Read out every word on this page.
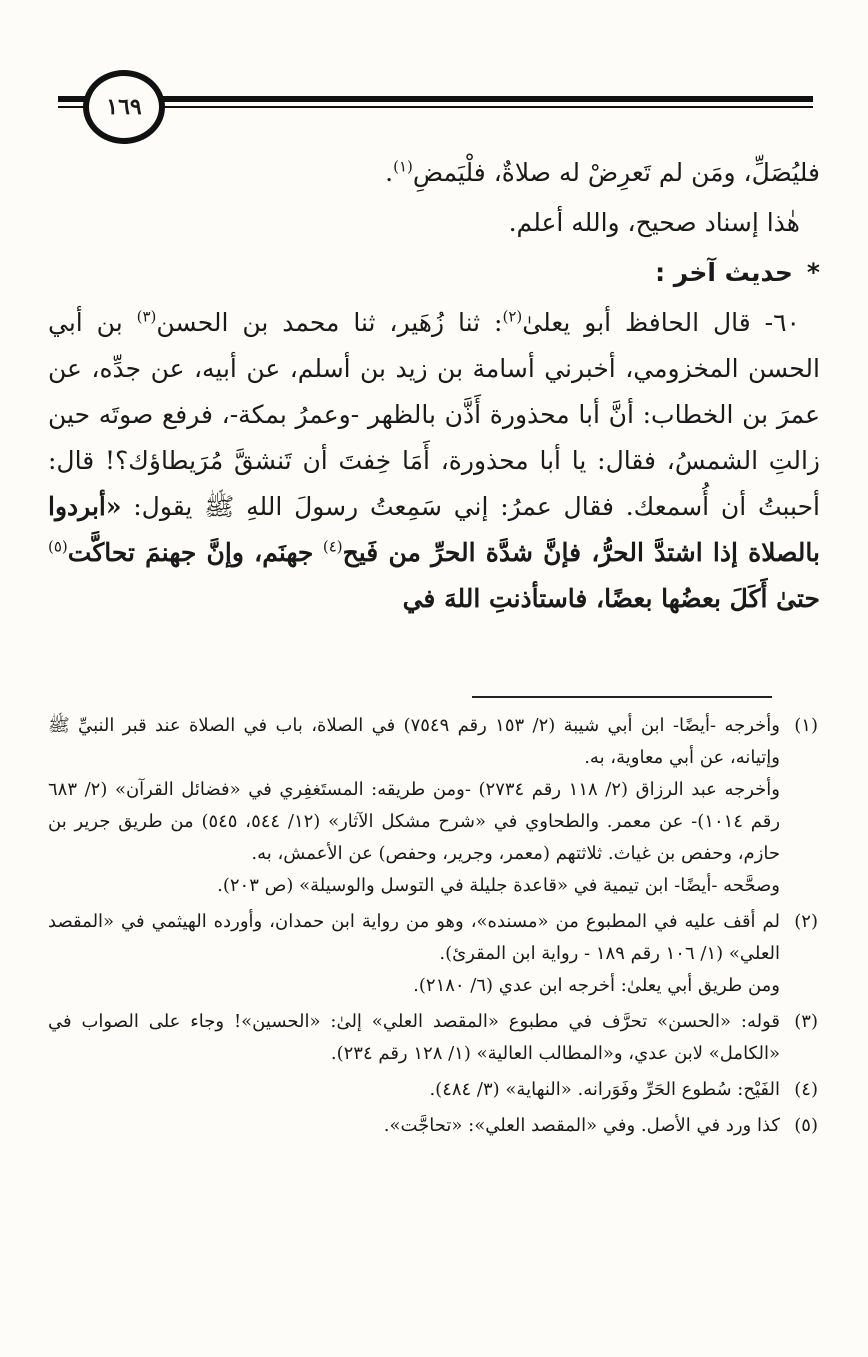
١٦٩

فليُصَلِّ، ومَن لم تَعرِضْ له صلاةٌ، فلْيَمضِ$^{(١)}$.

هٰذا إسناد صحيح، والله أعلم.

*حديث آخر :

٦٠- قال الحافظ أبو يعلىٰ$^{(٢)}$: ثنا زُهَير، ثنا محمد بن الحسن$^{(٣)}$ بن أبي الحسن المخزومي، أخبرني أسامة بن زيد بن أسلم، عن أبيه، عن جدِّه، عن عمرَ بن الخطاب: أنَّ أبا محذورة أَذَّن بالظهر -وعمرُ بمكة-، فرفع صوتَه حين زالتِ الشمسُ، فقال: يا أبا محذورة، أَمَا خِفتَ أن تَنشقَّ مُرَيطاؤك؟! قال: أحببتُ أن أُسمعك. فقال عمرُ: إني سَمِعتُ رسولَ اللهِ ﷺ يقول: «أبردوا بالصلاة إذا اشتدَّ الحرُّ، فإنَّ شدَّة الحرِّ من فَيح$^{(٤)}$ جهنَم، وإنَّ جهنمَ تحاكَّت$^{(٥)}$ حتىٰ أَكَلَ بعضُها بعضًا، فاستأذنتِ اللهَ في

(١)

وأخرجه -أيضًا- ابن أبي شيبة (٢/ ١٥٣ رقم ٧٥٤٩) في الصلاة، باب في الصلاة عند قبر النبيِّ ﷺ وإتيانه، عن أبي معاوية، به.

وأخرجه عبد الرزاق (٢/ ١١٨ رقم ٢٧٣٤) -ومن طريقه: المستَغفِري في «فضائل القرآن» (٢/ ٦٨٣ رقم ١٠١٤)- عن معمر. والطحاوي في «شرح مشكل الآثار» (١٢/ ٥٤٤، ٥٤٥) من طريق جرير بن حازم، وحفص بن غياث. ثلاثتهم (معمر، وجرير، وحفص) عن الأعمش، به.

وصحَّحه -أيضًا- ابن تيمية في «قاعدة جليلة في التوسل والوسيلة» (ص ٢٠٣).

(٢)

لم أقف عليه في المطبوع من «مسنده»، وهو من رواية ابن حمدان، وأورده الهيثمي في «المقصد العلي» (١/ ١٠٦ رقم ١٨٩ - رواية ابن المقرئ).

ومن طريق أبي يعلىٰ: أخرجه ابن عدي (٦/ ٢١٨٠).

(٣)

قوله: «الحسن» تحرَّف في مطبوع «المقصد العلي» إلىٰ: «الحسين»! وجاء على الصواب في «الكامل» لابن عدي، و«المطالب العالية» (١/ ١٢٨ رقم ٢٣٤).

(٤)

الفَيْح: سُطوع الحَرِّ وفَوَرانه. «النهاية» (٣/ ٤٨٤).

(٥)

كذا ورد في الأصل. وفي «المقصد العلي»: «تحاجَّت».
